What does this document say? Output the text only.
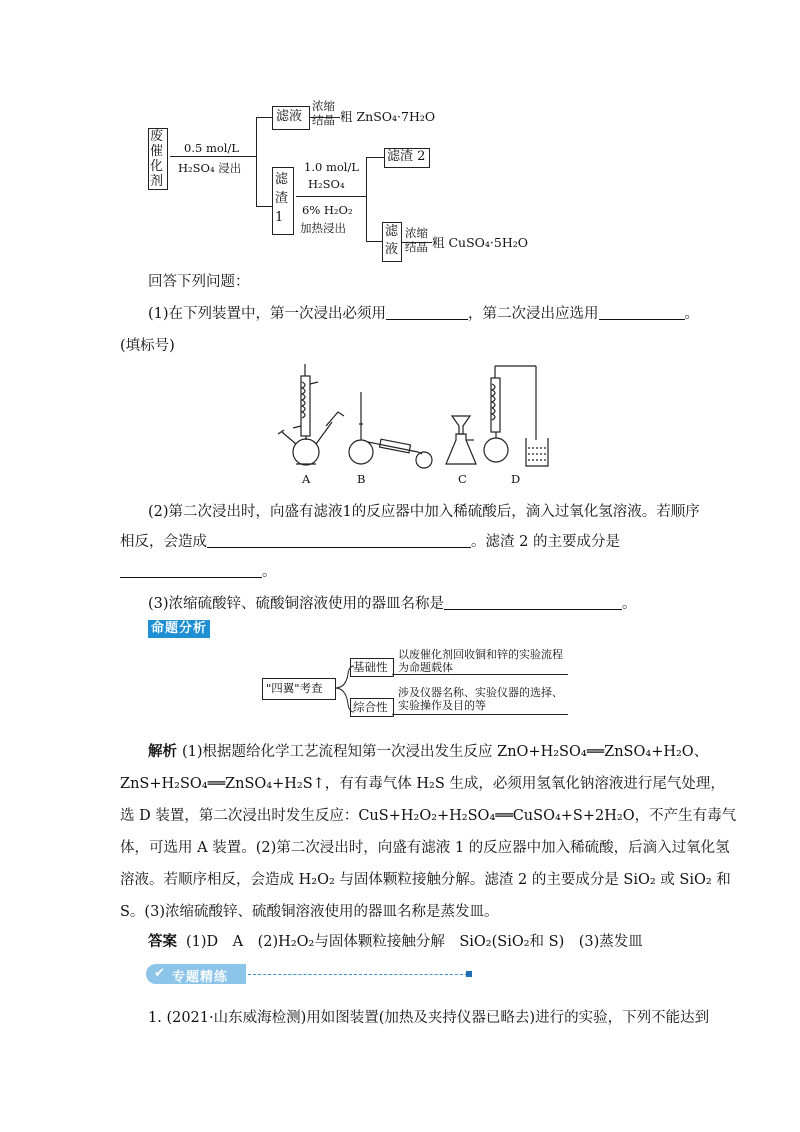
废催化剂
0.5 mol/L
H₂SO₄ 浸出
滤液
浓缩结晶 粗 ZnSO₄·7H₂O
滤渣1
1.0 mol/L
H₂SO₄
6% H₂O₂
加热浸出
滤渣 2
滤液
浓缩结晶 粗 CuSO₄·5H₂O
回答下列问题：
(1)在下列装置中，第一次浸出必须用	，第二次浸出应选用	。
(填标号)
A	B	C	D
(2)第二次浸出时，向盛有滤液1的反应器中加入稀硫酸后，滴入过氧化氢溶液。若顺序
相反，会造成	。滤渣 2 的主要成分是
。
(3)浓缩硫酸锌、硫酸铜溶液使用的器皿名称是	。
命题分析
"四翼"考查
基础性
以废催化剂回收铜和锌的实验流程为命题载体
综合性
涉及仪器名称、实验仪器的选择、实验操作及目的等
解析 (1)根据题给化学工艺流程知第一次浸出发生反应 ZnO+H₂SO₄══ZnSO₄+H₂O、
ZnS+H₂SO₄══ZnSO₄+H₂S↑，有有毒气体 H₂S 生成，必须用氢氧化钠溶液进行尾气处理，
选 D 装置，第二次浸出时发生反应：CuS+H₂O₂+H₂SO₄══CuSO₄+S+2H₂O，不产生有毒气
体，可选用 A 装置。(2)第二次浸出时，向盛有滤液 1 的反应器中加入稀硫酸，后滴入过氧化氢
溶液。若顺序相反，会造成 H₂O₂ 与固体颗粒接触分解。滤渣 2 的主要成分是 SiO₂ 或 SiO₂ 和
S。(3)浓缩硫酸锌、硫酸铜溶液使用的器皿名称是蒸发皿。
答案 (1)D　A　(2)H₂O₂与固体颗粒接触分解　SiO₂(SiO₂和 S)　(3)蒸发皿
✔ 专题精练
1. (2021·山东威海检测)用如图装置(加热及夹持仪器已略去)进行的实验，下列不能达到
